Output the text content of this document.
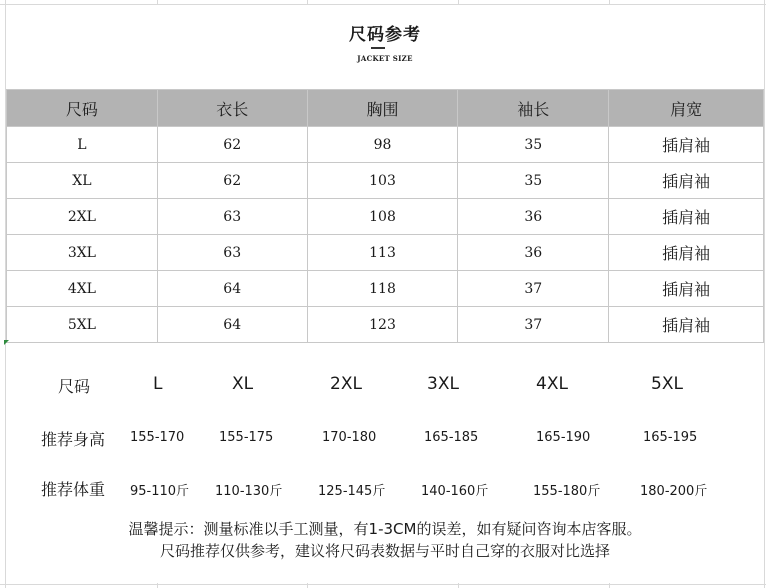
尺码参考
JACKET SIZE
尺码	衣长	胸围	袖长	肩宽
L	62	98	35	插肩袖
XL	62	103	35	插肩袖
2XL	63	108	36	插肩袖
3XL	63	113	36	插肩袖
4XL	64	118	37	插肩袖
5XL	64	123	37	插肩袖
尺码	L	XL	2XL	3XL	4XL	5XL
推荐身高 155-170	155-175	170-180	165-185	165-190	165-195
推荐体重 95-110斤 110-130斤	125-145斤	140-160斤	155-180斤	180-200斤
温馨提示：测量标准以手工测量，有1-3CM的误差，如有疑问咨询本店客服。
尺码推荐仅供参考，建议将尺码表数据与平时自己穿的衣服对比选择
